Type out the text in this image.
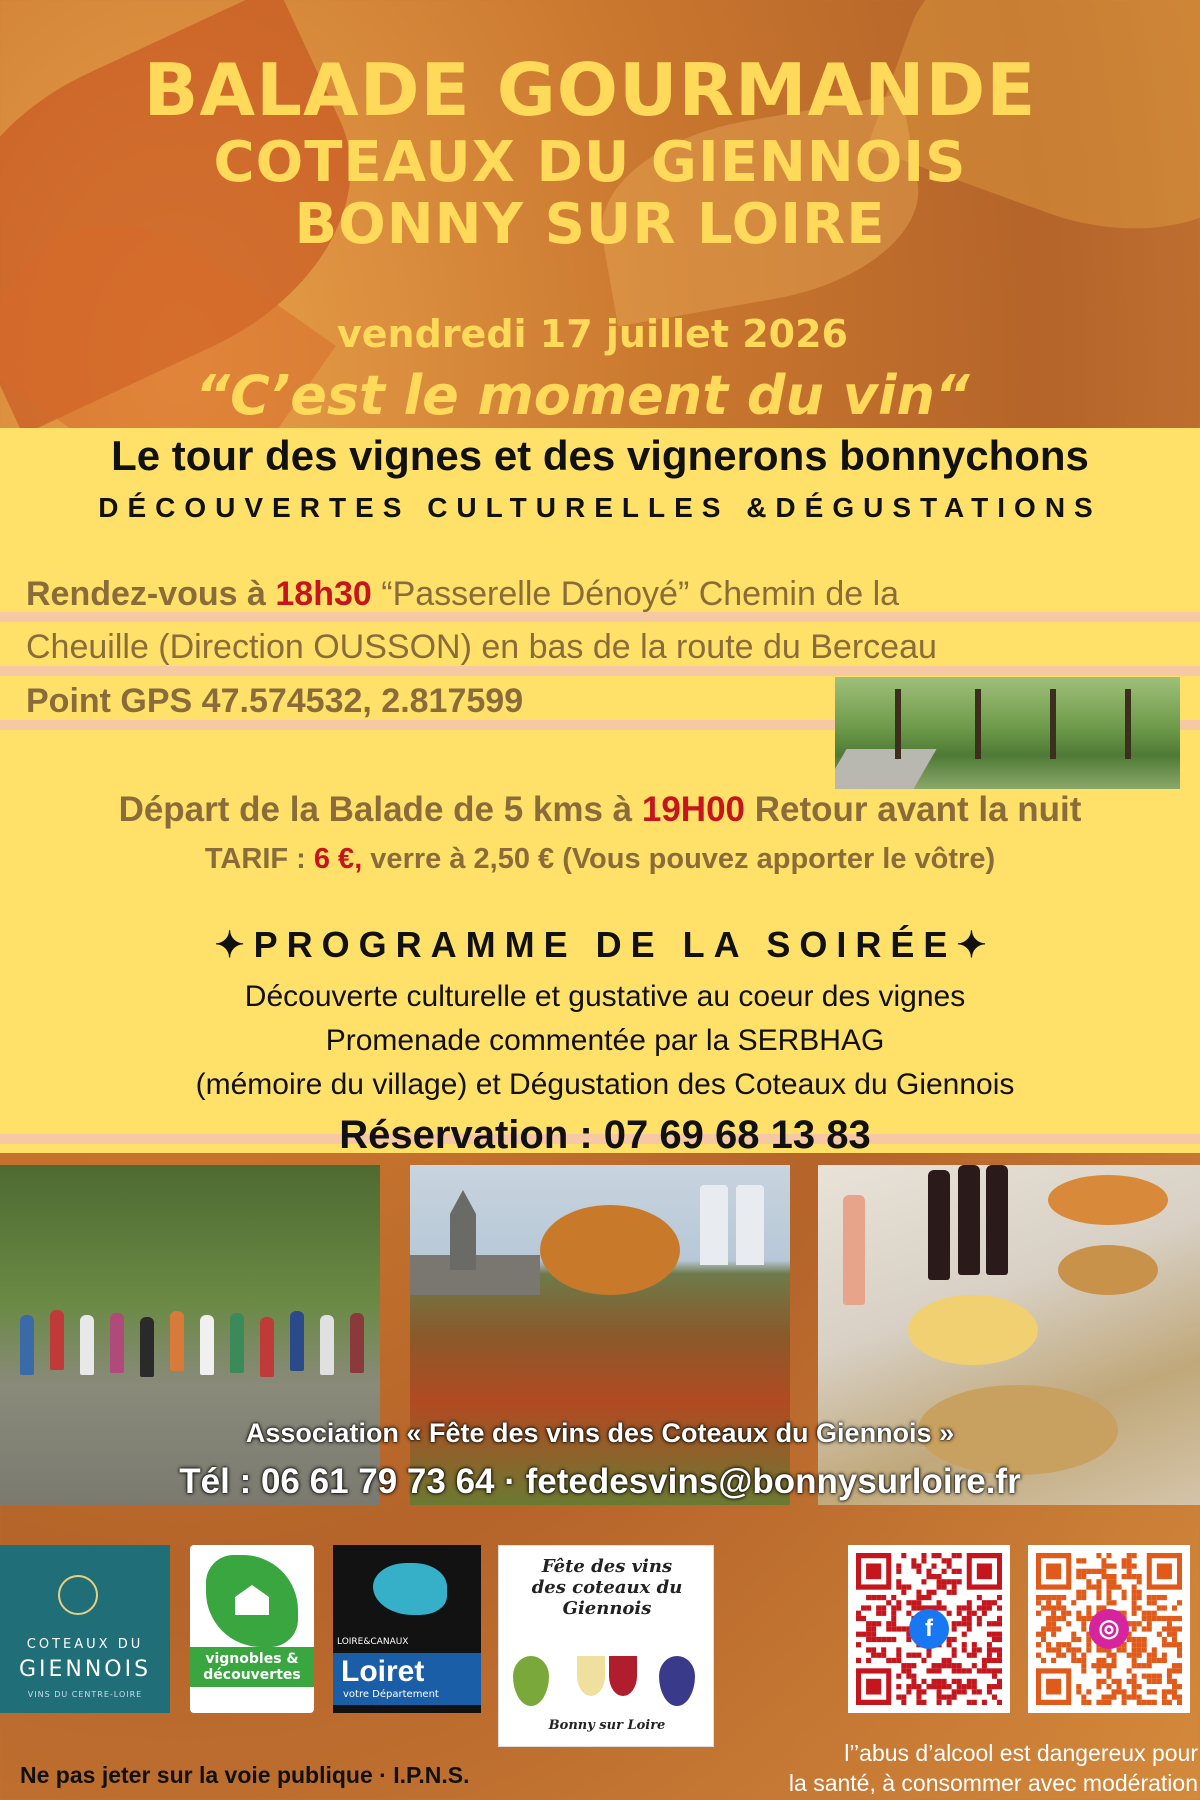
BALADE GOURMANDE
COTEAUX DU GIENNOIS
BONNY SUR LOIRE
vendredi 17 juillet 2026
“C’est le moment du vin“
Le tour des vignes et des vignerons bonnychons
DÉCOUVERTES CULTURELLES &DÉGUSTATIONS
Rendez-vous à 18h30 “Passerelle Dénoyé” Chemin de la
Cheuille (Direction OUSSON) en bas de la route du Berceau
Point GPS 47.574532, 2.817599
Départ de la Balade de 5 kms à 19H00 Retour avant la nuit
TARIF : 6 €, verre à 2,50 € (Vous pouvez apporter le vôtre)
✦PROGRAMME DE LA SOIRÉE✦
Découverte culturelle et gustative au coeur des vignes
Promenade commentée par la SERBHAG
(mémoire du village) et Dégustation des Coteaux du Giennois
Réservation : 07 69 68 13 83
Association « Fête des vins des Coteaux du Giennois »
Tél : 06 61 79 73 64 · fetedesvins@bonnysurloire.fr
COTEAUX DU
GIENNOIS
VINS DU CENTRE-LOIRE
vignobles &
découvertes
LOIRE&CANAUX
Loiret
votre Département
Fête des vins
des coteaux du
Giennois
Bonny sur Loire
f	◎
Ne pas jeter sur la voie publique · I.P.N.S.
l’’abus d’alcool est dangereux pour
la santé, à consommer avec modération
